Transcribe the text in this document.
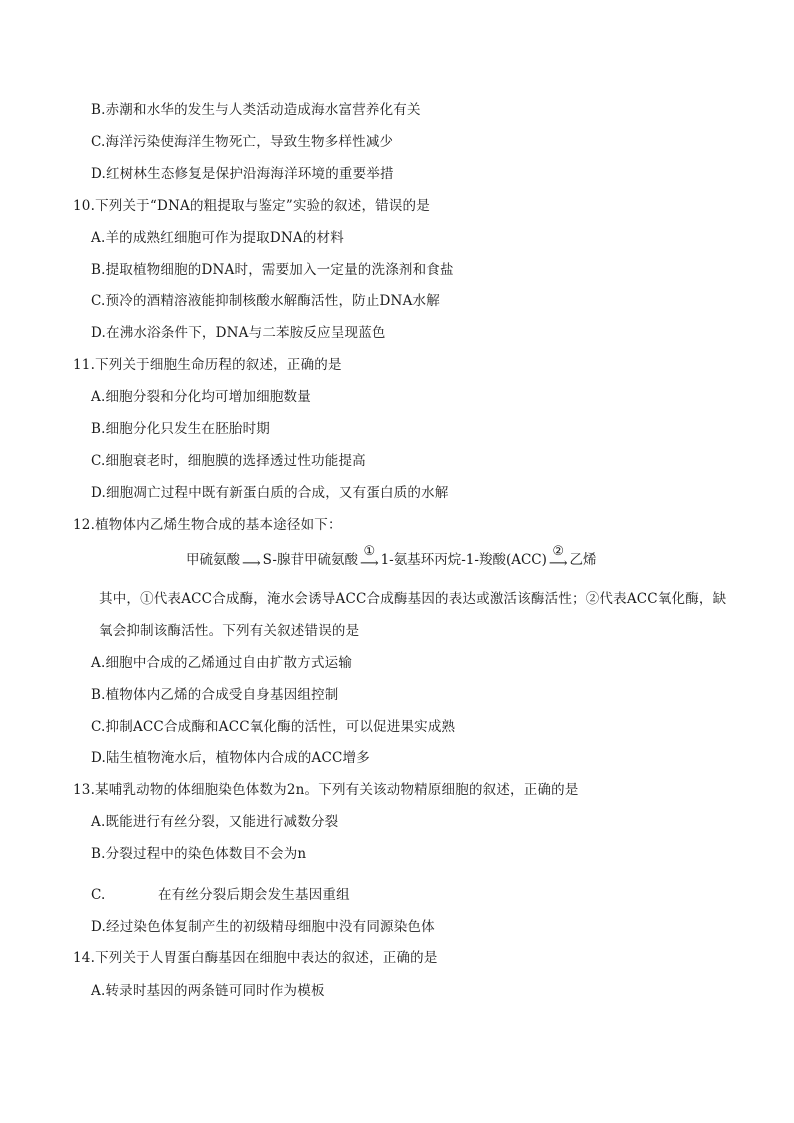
B.赤潮和水华的发生与人类活动造成海水富营养化有关
C.海洋污染使海洋生物死亡，导致生物多样性减少
D.红树林生态修复是保护沿海海洋环境的重要举措
10.下列关于“DNA的粗提取与鉴定”实验的叙述，错误的是
A.羊的成熟红细胞可作为提取DNA的材料
B.提取植物细胞的DNA时，需要加入一定量的洗涤剂和食盐
C.预冷的酒精溶液能抑制核酸水解酶活性，防止DNA水解
D.在沸水浴条件下，DNA与二苯胺反应呈现蓝色
11.下列关于细胞生命历程的叙述，正确的是
A.细胞分裂和分化均可增加细胞数量
B.细胞分化只发生在胚胎时期
C.细胞衰老时，细胞膜的选择透过性功能提高
D.细胞凋亡过程中既有新蛋白质的合成，又有蛋白质的水解
12.植物体内乙烯生物合成的基本途径如下：
甲硫氨酸 ⟶ S-腺苷甲硫氨酸
①
⟶ 1-氨基环丙烷-1-羧酸(ACC)
②
⟶ 乙烯
其中，①代表ACC合成酶，淹水会诱导ACC合成酶基因的表达或激活该酶活性；②代表ACC氧化酶，缺
氧会抑制该酶活性。下列有关叙述错误的是
A.细胞中合成的乙烯通过自由扩散方式运输
B.植物体内乙烯的合成受自身基因组控制
C.抑制ACC合成酶和ACC氧化酶的活性，可以促进果实成熟
D.陆生植物淹水后，植物体内合成的ACC增多
13.某哺乳动物的体细胞染色体数为2n。下列有关该动物精原细胞的叙述，正确的是
A.既能进行有丝分裂，又能进行减数分裂
B.分裂过程中的染色体数目不会为n
C.	在有丝分裂后期会发生基因重组
D.经过染色体复制产生的初级精母细胞中没有同源染色体
14.下列关于人胃蛋白酶基因在细胞中表达的叙述，正确的是
A.转录时基因的两条链可同时作为模板
